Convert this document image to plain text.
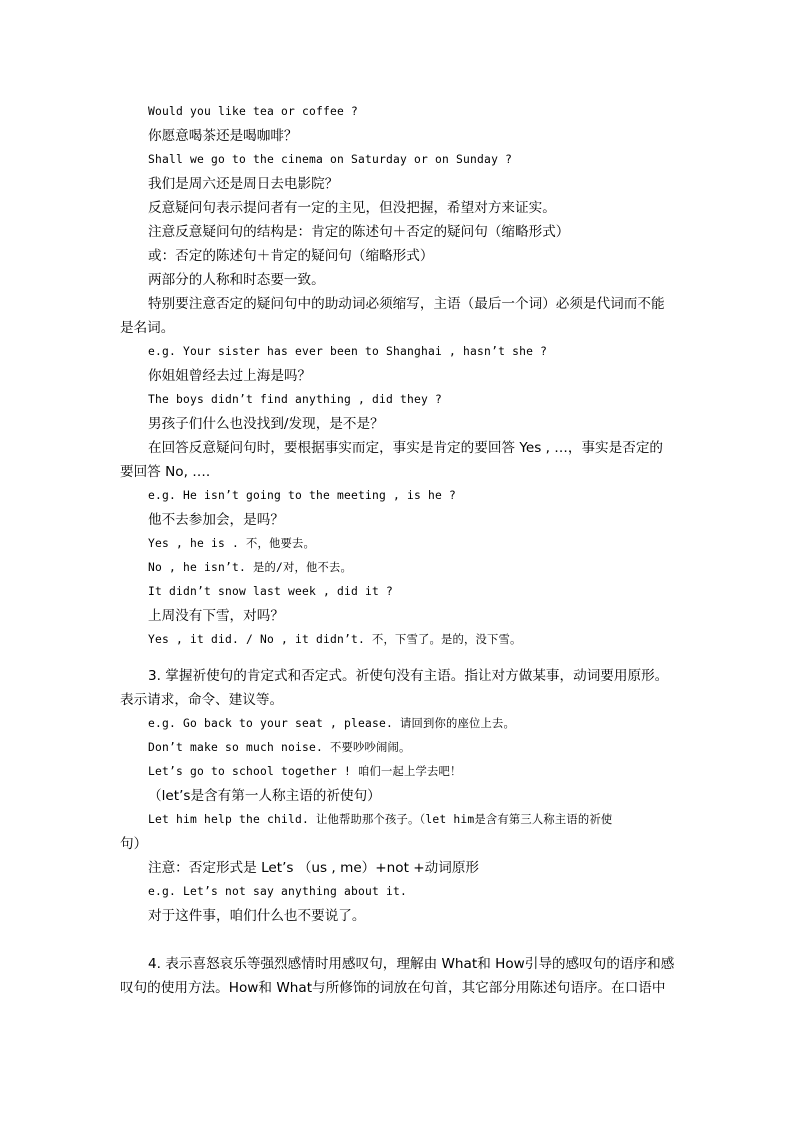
Would you like tea or coffee ?
你愿意喝茶还是喝咖啡？
Shall we go to the cinema on Saturday or on Sunday ?
我们是周六还是周日去电影院？
反意疑问句表示提问者有一定的主见，但没把握，希望对方来证实。
注意反意疑问句的结构是：肯定的陈述句＋否定的疑问句（缩略形式）
或：否定的陈述句＋肯定的疑问句（缩略形式）
两部分的人称和时态要一致。
特别要注意否定的疑问句中的助动词必须缩写，主语（最后一个词）必须是代词而不能
是名词。
e.g. Your sister has ever been to Shanghai , hasn’t she ?
你姐姐曾经去过上海是吗？
The boys didn’t find anything , did they ?
男孩子们什么也没找到/发现，是不是？
在回答反意疑问句时，要根据事实而定，事实是肯定的要回答 Yes , …，事实是否定的
要回答 No, ….
e.g. He isn’t going to the meeting , is he ?
他不去参加会，是吗？
Yes , he is . 不，他要去。
No , he isn’t. 是的/对，他不去。
It didn’t snow last week , did it ?
上周没有下雪，对吗？
Yes , it did. / No , it didn’t. 不，下雪了。是的，没下雪。
3. 掌握祈使句的肯定式和否定式。祈使句没有主语。指让对方做某事，动词要用原形。
表示请求，命令、建议等。
e.g. Go back to your seat , please. 请回到你的座位上去。
Don’t make so much noise. 不要吵吵闹闹。
Let’s go to school together ! 咱们一起上学去吧！
（let’s是含有第一人称主语的祈使句）
Let him help the child. 让他帮助那个孩子。（let him是含有第三人称主语的祈使
句）
注意：否定形式是 Let’s （us , me）+not +动词原形
e.g. Let’s not say anything about it.
对于这件事，咱们什么也不要说了。
4. 表示喜怒哀乐等强烈感情时用感叹句，理解由 What和 How引导的感叹句的语序和感
叹句的使用方法。How和 What与所修饰的词放在句首，其它部分用陈述句语序。在口语中
